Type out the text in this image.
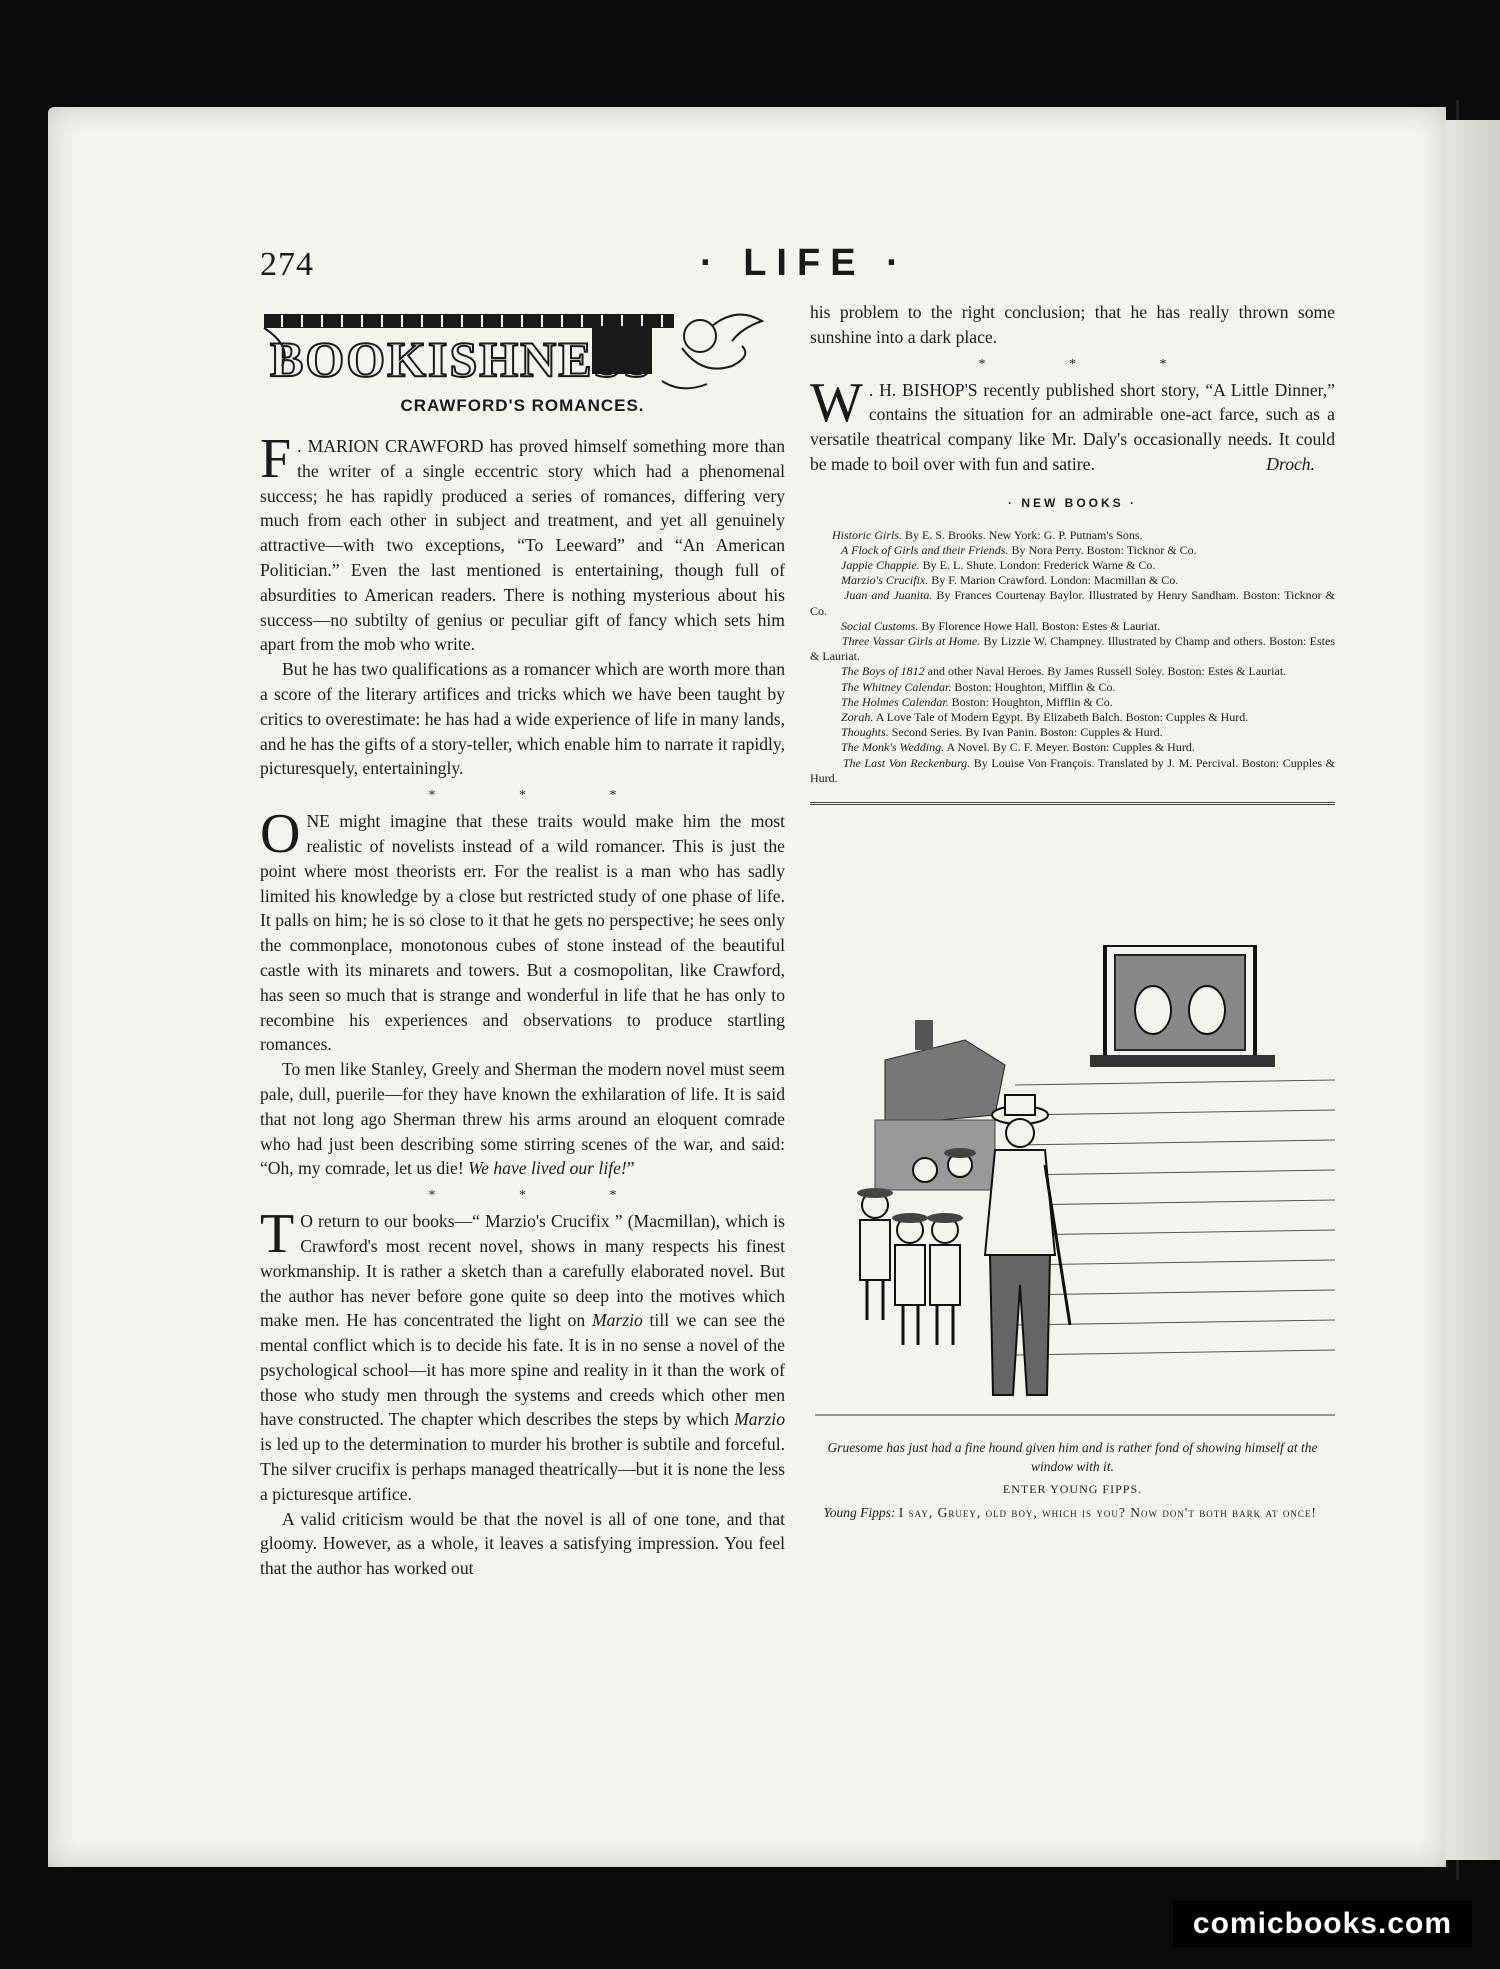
274	· LIFE ·
BOOKISHNESS
CRAWFORD'S ROMANCES.

F . MARION CRAWFORD has proved himself something more than the writer of a single eccentric story which had a phenomenal success; he has rapidly produced a series of romances, differing very much from each other in subject and treatment, and yet all genuinely attractive—with two exceptions, “To Leeward” and “An American Politician.” Even the last mentioned is entertaining, though full of absurdities to American readers. There is nothing mysterious about his success—no subtilty of genius or peculiar gift of fancy which sets him apart from the mob who write.

But he has two qualifications as a romancer which are worth more than a score of the literary artifices and tricks which we have been taught by critics to overestimate: he has had a wide experience of life in many lands, and he has the gifts of a story-teller, which enable him to narrate it rapidly, picturesquely, entertainingly.

* * *

ONE might imagine that these traits would make him the most realistic of novelists instead of a wild romancer. This is just the point where most theorists err. For the realist is a man who has sadly limited his knowledge by a close but restricted study of one phase of life. It palls on him; he is so close to it that he gets no perspective; he sees only the commonplace, monotonous cubes of stone instead of the beautiful castle with its minarets and towers. But a cosmopolitan, like Crawford, has seen so much that is strange and wonderful in life that he has only to recombine his experiences and observations to produce startling romances.

To men like Stanley, Greely and Sherman the modern novel must seem pale, dull, puerile—for they have known the exhilaration of life. It is said that not long ago Sherman threw his arms around an eloquent comrade who had just been describing some stirring scenes of the war, and said: “Oh, my comrade, let us die! We have lived our life!”

* * *

T O return to our books—“ Marzio's Crucifix ” (Macmillan), which is Crawford's most recent novel, shows in many respects his finest workmanship. It is rather a sketch than a carefully elaborated novel. But the author has never before gone quite so deep into the motives which make men. He has concentrated the light on Marzio till we can see the mental conflict which is to decide his fate. It is in no sense a novel of the psychological school—it has more spine and reality in it than the work of those who study men through the systems and creeds which other men have constructed. The chapter which describes the steps by which Marzio is led up to the determination to murder his brother is subtile and forceful. The silver crucifix is perhaps managed theatrically—but it is none the less a picturesque artifice.

A valid criticism would be that the novel is all of one tone, and that gloomy. However, as a whole, it leaves a satisfying impression. You feel that the author has worked out

his problem to the right conclusion; that he has really thrown some sunshine into a dark place.

* * *

W . H. BISHOP'S recently published short story, “A Little Dinner,” contains the situation for an admirable one-act farce, such as a versatile theatrical company like Mr. Daly's occasionally needs. It could be made to boil over with fun and satire.	Droch.

· NEW BOOKS ·

Historic Girls. By E. S. Brooks. New York: G. P. Putnam's Sons.

A Flock of Girls and their Friends. By Nora Perry. Boston: Ticknor & Co.

Jappie Chappie. By E. L. Shute. London: Frederick Warne & Co.

Marzio's Crucifix. By F. Marion Crawford. London: Macmillan & Co.

Juan and Juanita. By Frances Courtenay Baylor. Illustrated by Henry Sandham. Boston: Ticknor & Co.

Social Customs. By Florence Howe Hall. Boston: Estes & Lauriat.

Three Vassar Girls at Home. By Lizzie W. Champney. Illustrated by Champ and others. Boston: Estes & Lauriat.

The Boys of 1812 and other Naval Heroes. By James Russell Soley. Boston: Estes & Lauriat.

The Whitney Calendar. Boston: Houghton, Mifflin & Co.

The Holmes Calendar. Boston: Houghton, Mifflin & Co.

Zorah. A Love Tale of Modern Egypt. By Elizabeth Balch. Boston: Cupples & Hurd.

Thoughts. Second Series. By Ivan Panin. Boston: Cupples & Hurd.

The Monk's Wedding. A Novel. By C. F. Meyer. Boston: Cupples & Hurd.

The Last Von Reckenburg. By Louise Von François. Translated by J. M. Percival. Boston: Cupples & Hurd.

Gruesome has just had a fine hound given him and is rather fond of showing himself at the window with it.
ENTER YOUNG FIPPS.
Young Fipps: I say, Gruey, old boy, which is you? Now don't both bark at once!
comicbooks.com
